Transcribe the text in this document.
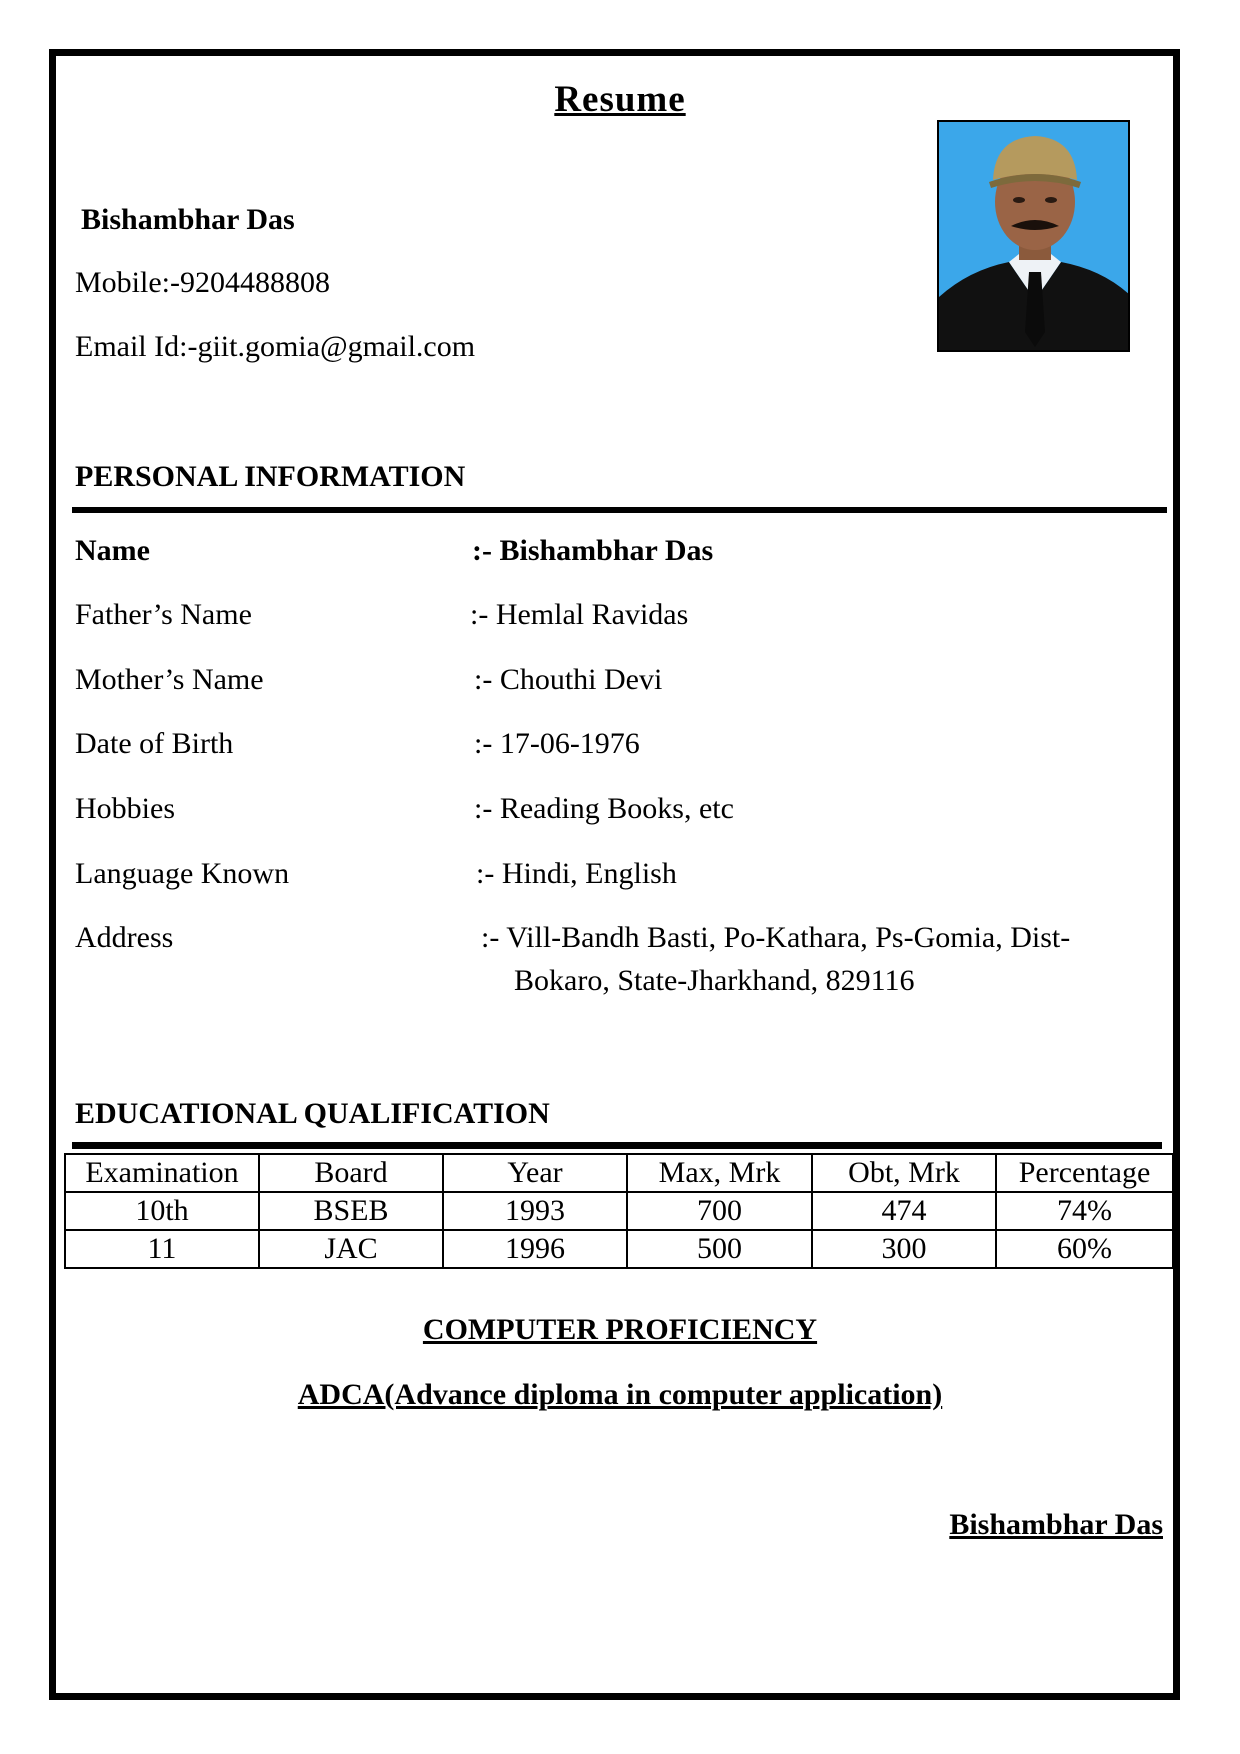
Resume
Bishambhar Das
Mobile:-9204488808
Email Id:-giit.gomia@gmail.com
PERSONAL INFORMATION
Name	:- Bishambhar Das
Father’s Name	:- Hemlal Ravidas
Mother’s Name	:- Chouthi Devi
Date of Birth	:- 17-06-1976
Hobbies	:- Reading Books, etc
Language Known	:- Hindi, English
Address	:- Vill-Bandh Basti, Po-Kathara, Ps-Gomia, Dist-
Bokaro, State-Jharkhand, 829116
EDUCATIONAL QUALIFICATION
Examination	Board	Year	Max, Mrk	Obt, Mrk	Percentage
10th	BSEB	1993	700	474	74%
11	JAC	1996	500	300	60%
COMPUTER PROFICIENCY
ADCA(Advance diploma in computer application)
Bishambhar Das
